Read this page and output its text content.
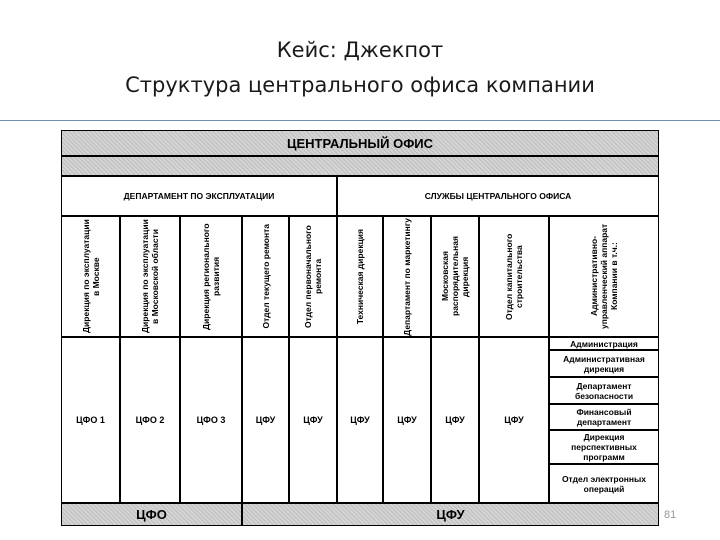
Кейс: Джекпот
Структура центрального офиса компании
ЦЕНТРАЛЬНЫЙ ОФИС
ДЕПАРТАМЕНТ ПО ЭКСПЛУАТАЦИИ	СЛУЖБЫ ЦЕНТРАЛЬНОГО ОФИСА
Дирекция по эксплуатации в Москве	Дирекция по эксплуатации в Московской области	Дирекция регионального развития	Отдел текущего ремонта	Отдел первоначального ремонта	Техническая дирекция	Департамент по маркетингу	Московская распорядительная дирекция	Отдел капитального строительства	Административно-управленческий аппарат Компании в т.ч.:
ЦФО 1	ЦФО 2	ЦФО 3	ЦФУ	ЦФУ	ЦФУ	ЦФУ	ЦФУ	ЦФУ
Администрация
Административная дирекция
Департамент безопасности
Финансовый департамент
Дирекция перспективных программ
Отдел электронных операций
ЦФО	ЦФУ	81
